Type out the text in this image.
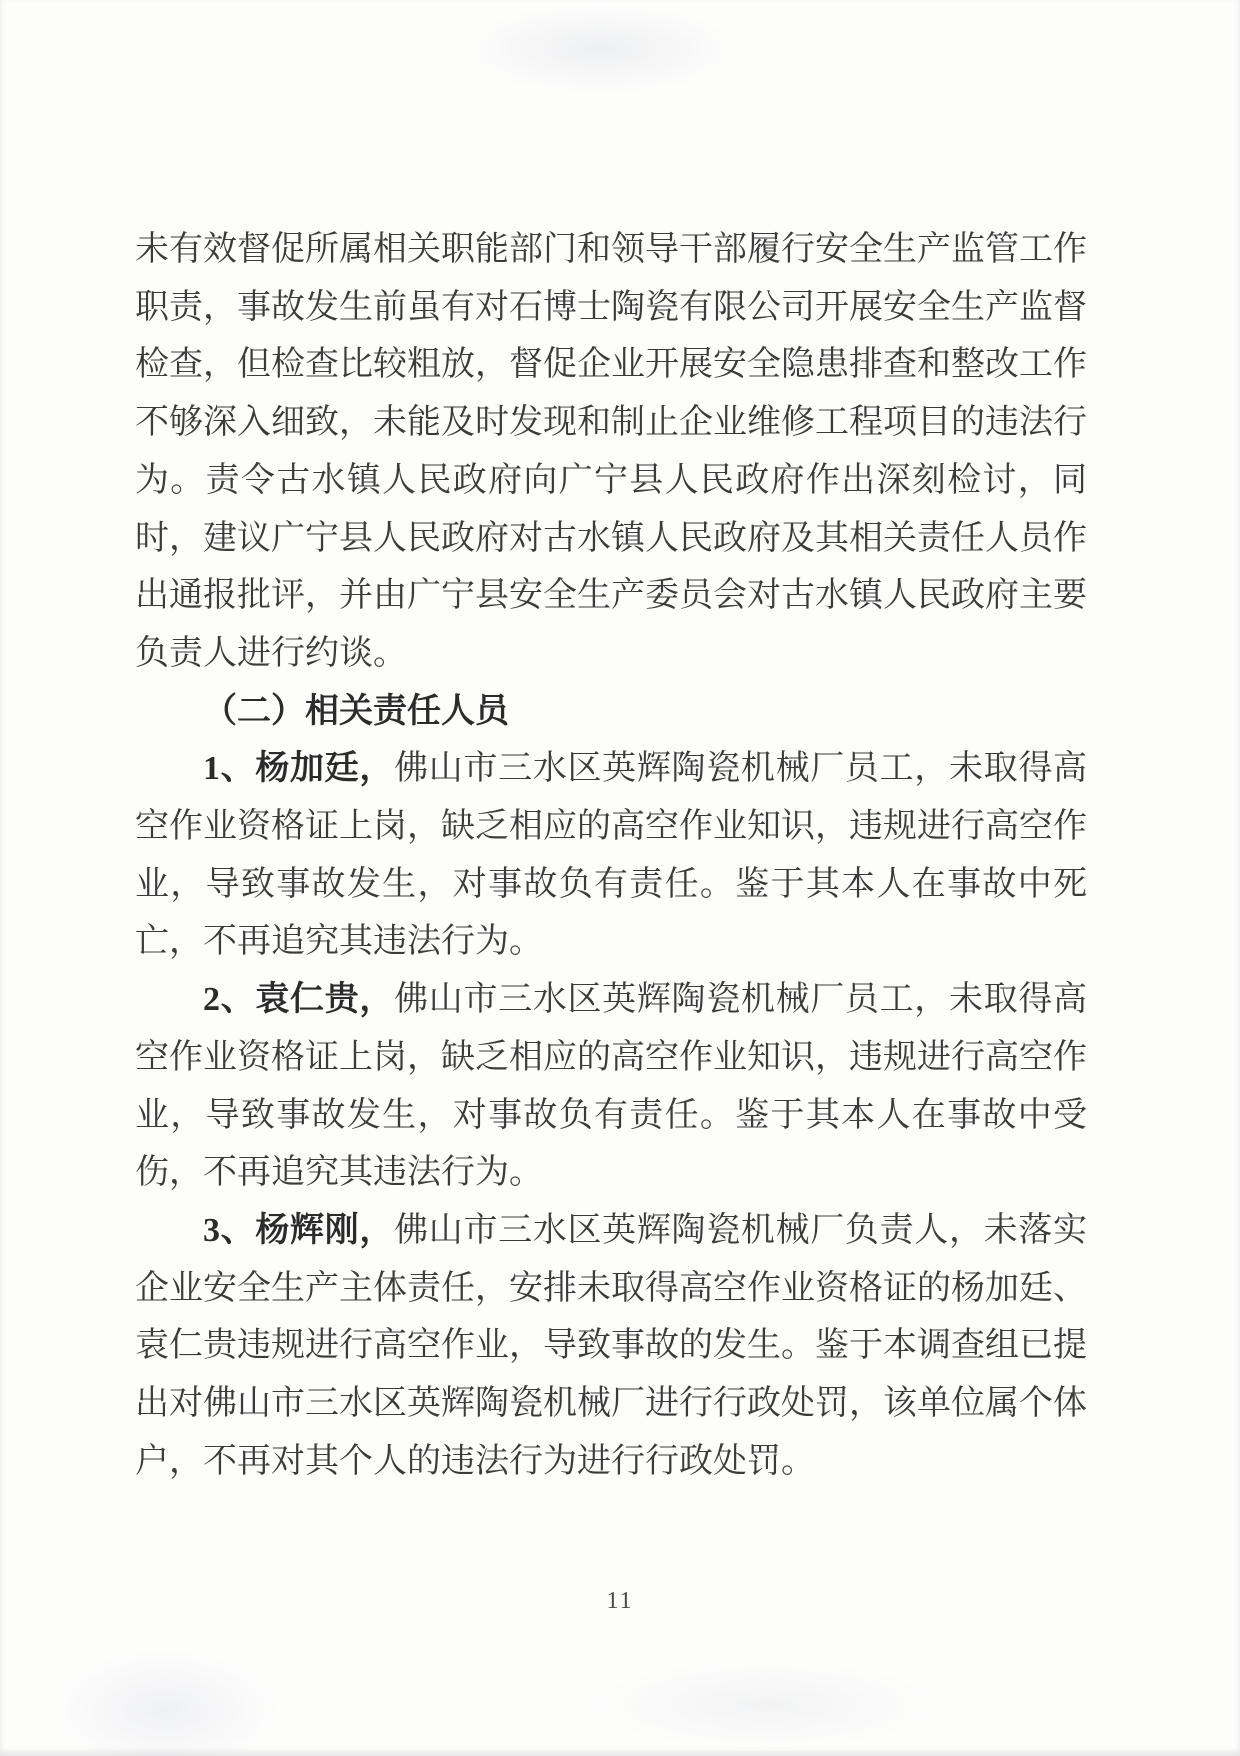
未有效督促所属相关职能部门和领导干部履行安全生产监管工作职责，事故发生前虽有对石博士陶瓷有限公司开展安全生产监督检查，但检查比较粗放，督促企业开展安全隐患排查和整改工作不够深入细致，未能及时发现和制止企业维修工程项目的违法行为。责令古水镇人民政府向广宁县人民政府作出深刻检讨，同时，建议广宁县人民政府对古水镇人民政府及其相关责任人员作出通报批评，并由广宁县安全生产委员会对古水镇人民政府主要负责人进行约谈。

（二）相关责任人员

1、杨加廷，佛山市三水区英辉陶瓷机械厂员工，未取得高空作业资格证上岗，缺乏相应的高空作业知识，违规进行高空作业，导致事故发生，对事故负有责任。鉴于其本人在事故中死亡，不再追究其违法行为。

2、袁仁贵，佛山市三水区英辉陶瓷机械厂员工，未取得高空作业资格证上岗，缺乏相应的高空作业知识，违规进行高空作业，导致事故发生，对事故负有责任。鉴于其本人在事故中受伤，不再追究其违法行为。

3、杨辉刚，佛山市三水区英辉陶瓷机械厂负责人，未落实企业安全生产主体责任，安排未取得高空作业资格证的杨加廷、袁仁贵违规进行高空作业，导致事故的发生。鉴于本调查组已提出对佛山市三水区英辉陶瓷机械厂进行行政处罚，该单位属个体户，不再对其个人的违法行为进行行政处罚。

11
